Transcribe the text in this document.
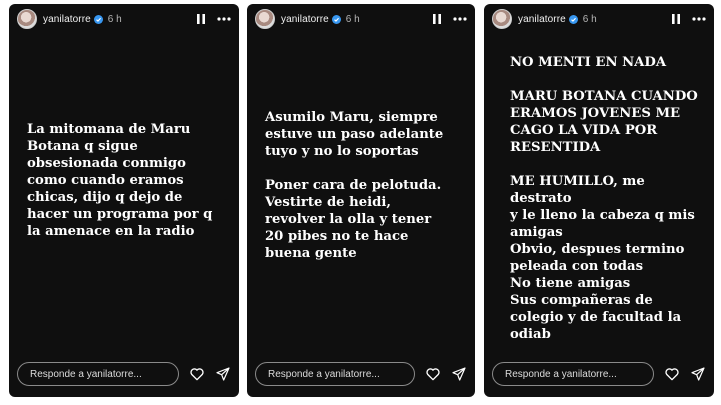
yanilatorre 6 h

La mitomana de Maru
Botana q sigue
obsesionada conmigo
como cuando eramos
chicas, dijo q dejo de
hacer un programa por q
la amenace en la radio

Responde a yanilatorre...
yanilatorre 6 h

Asumilo Maru, siempre
estuve un paso adelante
tuyo y no lo soportas

Poner cara de pelotuda.
Vestirte de heidi,
revolver la olla y tener
20 pibes no te hace
buena gente

Responde a yanilatorre...
yanilatorre 6 h

NO MENTI EN NADA

MARU BOTANA CUANDO
ERAMOS JOVENES ME
CAGO LA VIDA POR
RESENTIDA

ME HUMILLO, me destrato
y le lleno la cabeza q mis
amigas
Obvio, despues termino
peleada con todas
No tiene amigas
Sus compañeras de
colegio y de facultad la
odiab

Responde a yanilatorre...
